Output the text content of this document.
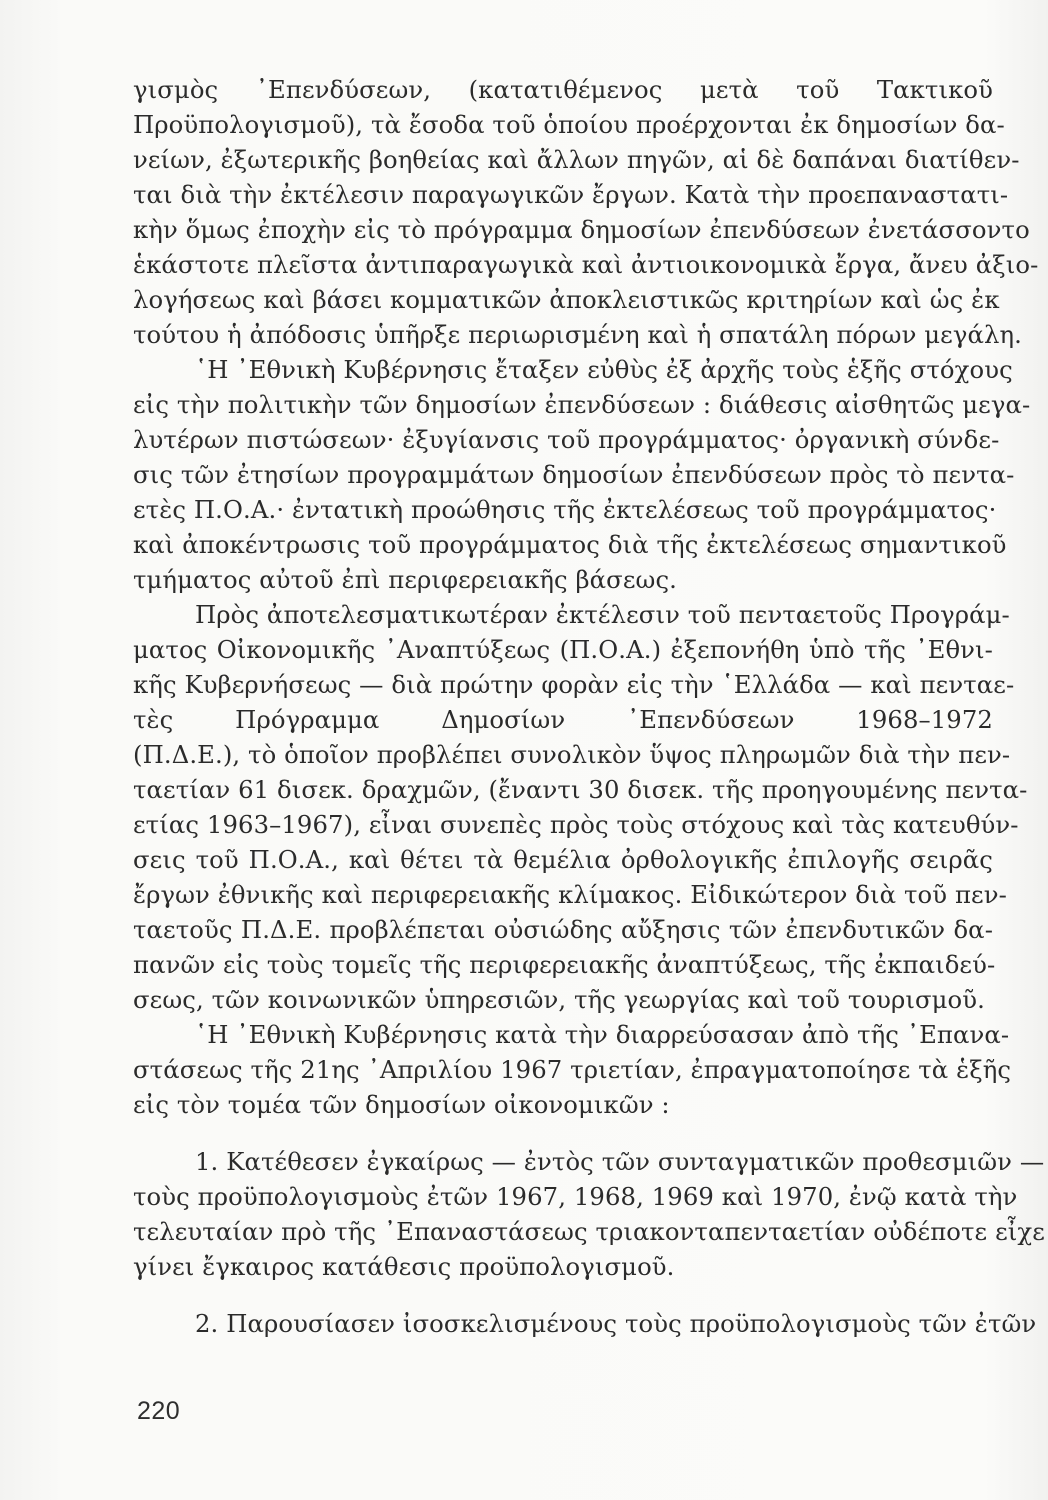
γισμὸς ᾿Επενδύσεων, (κατατιθέμενος μετὰ τοῦ Τακτικοῦ
Προϋπολογισμοῦ), τὰ ἔσοδα τοῦ ὁποίου προέρχονται ἐκ δημοσίων δα-
νείων, ἐξωτερικῆς βοηθείας καὶ ἄλλων πηγῶν, αἱ δὲ δαπάναι διατίθεν-
ται διὰ τὴν ἐκτέλεσιν παραγωγικῶν ἔργων. Κατὰ τὴν προεπαναστατι-
κὴν ὅμως ἐποχὴν εἰς τὸ πρόγραμμα δημοσίων ἐπενδύσεων ἐνετάσσοντο
ἑκάστοτε πλεῖστα ἀντιπαραγωγικὰ καὶ ἀντιοικονομικὰ ἔργα, ἄνευ ἀξιο-
λογήσεως καὶ βάσει κομματικῶν ἀποκλειστικῶς κριτηρίων καὶ ὡς ἐκ
τούτου ἡ ἀπόδοσις ὑπῆρξε περιωρισμένη καὶ ἡ σπατάλη πόρων μεγάλη.
῾Η ᾿Εθνικὴ Κυβέρνησις ἔταξεν εὐθὺς ἐξ ἀρχῆς τοὺς ἑξῆς στόχους
εἰς τὴν πολιτικὴν τῶν δημοσίων ἐπενδύσεων : διάθεσις αἰσθητῶς μεγα-
λυτέρων πιστώσεων· ἐξυγίανσις τοῦ προγράμματος· ὀργανικὴ σύνδε-
σις τῶν ἐτησίων προγραμμάτων δημοσίων ἐπενδύσεων πρὸς τὸ πεντα-
ετὲς Π.Ο.Α.· ἐντατικὴ προώθησις τῆς ἐκτελέσεως τοῦ προγράμματος·
καὶ ἀποκέντρωσις τοῦ προγράμματος διὰ τῆς ἐκτελέσεως σημαντικοῦ
τμήματος αὐτοῦ ἐπὶ περιφερειακῆς βάσεως.
Πρὸς ἀποτελεσματικωτέραν ἐκτέλεσιν τοῦ πενταετοῦς Προγράμ-
ματος Οἰκονομικῆς ᾿Αναπτύξεως (Π.Ο.Α.) ἐξεπονήθη ὑπὸ τῆς ᾿Εθνι-
κῆς Κυβερνήσεως — διὰ πρώτην φορὰν εἰς τὴν ῾Ελλάδα — καὶ πενταε-
τὲς Πρόγραμμα Δημοσίων ᾿Επενδύσεων 1968–1972
(Π.Δ.Ε.), τὸ ὁποῖον προβλέπει συνολικὸν ὕψος πληρωμῶν διὰ τὴν πεν-
ταετίαν 61 δισεκ. δραχμῶν, (ἔναντι 30 δισεκ. τῆς προηγουμένης πεντα-
ετίας 1963–1967), εἶναι συνεπὲς πρὸς τοὺς στόχους καὶ τὰς κατευθύν-
σεις τοῦ Π.Ο.Α., καὶ θέτει τὰ θεμέλια ὀρθολογικῆς ἐπιλογῆς σειρᾶς
ἔργων ἐθνικῆς καὶ περιφερειακῆς κλίμακος. Εἰδικώτερον διὰ τοῦ πεν-
ταετοῦς Π.Δ.Ε. προβλέπεται οὐσιώδης αὔξησις τῶν ἐπενδυτικῶν δα-
πανῶν εἰς τοὺς τομεῖς τῆς περιφερειακῆς ἀναπτύξεως, τῆς ἐκπαιδεύ-
σεως, τῶν κοινωνικῶν ὑπηρεσιῶν, τῆς γεωργίας καὶ τοῦ τουρισμοῦ.
῾Η ᾿Εθνικὴ Κυβέρνησις κατὰ τὴν διαρρεύσασαν ἀπὸ τῆς ᾿Επανα-
στάσεως τῆς 21ης ᾿Απριλίου 1967 τριετίαν, ἐπραγματοποίησε τὰ ἑξῆς
εἰς τὸν τομέα τῶν δημοσίων οἰκονομικῶν :
1. Κατέθεσεν ἐγκαίρως — ἐντὸς τῶν συνταγματικῶν προθεσμιῶν —
τοὺς προϋπολογισμοὺς ἐτῶν 1967, 1968, 1969 καὶ 1970, ἐνῷ κατὰ τὴν
τελευταίαν πρὸ τῆς ᾿Επαναστάσεως τριακονταπενταετίαν οὐδέποτε εἶχε
γίνει ἔγκαιρος κατάθεσις προϋπολογισμοῦ.
2. Παρουσίασεν ἰσοσκελισμένους τοὺς προϋπολογισμοὺς τῶν ἐτῶν
220
